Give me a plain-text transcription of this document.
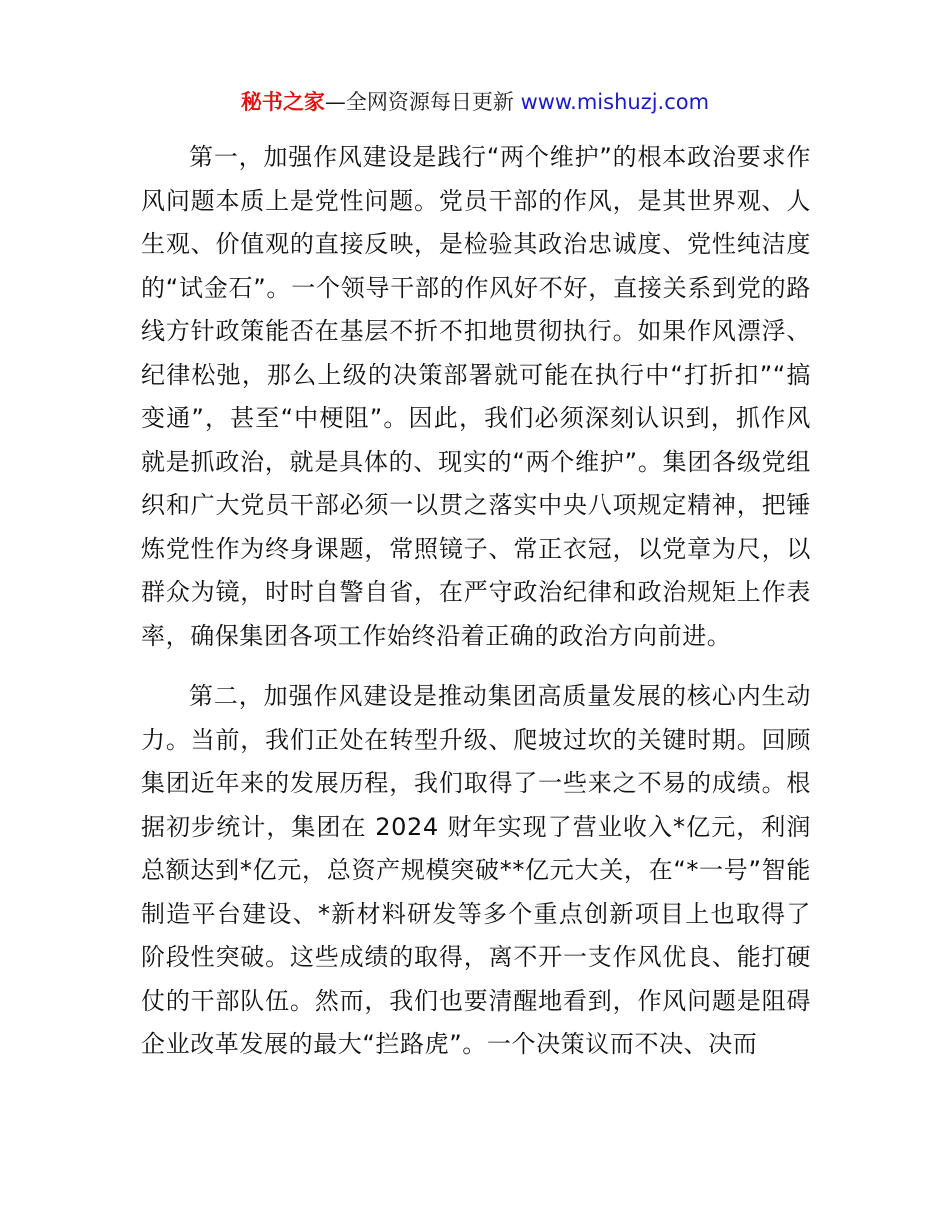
秘书之家—全网资源每日更新 www.mishuzj.com

第一，加强作风建设是践行“两个维护”的根本政治要求作风问题本质上是党性问题。党员干部的作风，是其世界观、人生观、价值观的直接反映，是检验其政治忠诚度、党性纯洁度的“试金石”。一个领导干部的作风好不好，直接关系到党的路线方针政策能否在基层不折不扣地贯彻执行。如果作风漂浮、纪律松弛，那么上级的决策部署就可能在执行中“打折扣”“搞变通”，甚至“中梗阻”。因此，我们必须深刻认识到，抓作风就是抓政治，就是具体的、现实的“两个维护”。集团各级党组织和广大党员干部必须一以贯之落实中央八项规定精神，把锤炼党性作为终身课题，常照镜子、常正衣冠，以党章为尺，以群众为镜，时时自警自省，在严守政治纪律和政治规矩上作表率，确保集团各项工作始终沿着正确的政治方向前进。

第二，加强作风建设是推动集团高质量发展的核心内生动力。当前，我们正处在转型升级、爬坡过坎的关键时期。回顾集团近年来的发展历程，我们取得了一些来之不易的成绩。根据初步统计，集团在 2024 财年实现了营业收入*亿元，利润总额达到*亿元，总资产规模突破**亿元大关，在“*一号”智能制造平台建设、*新材料研发等多个重点创新项目上也取得了阶段性突破。这些成绩的取得，离不开一支作风优良、能打硬仗的干部队伍。然而，我们也要清醒地看到，作风问题是阻碍企业改革发展的最大“拦路虎”。一个决策议而不决、决而
